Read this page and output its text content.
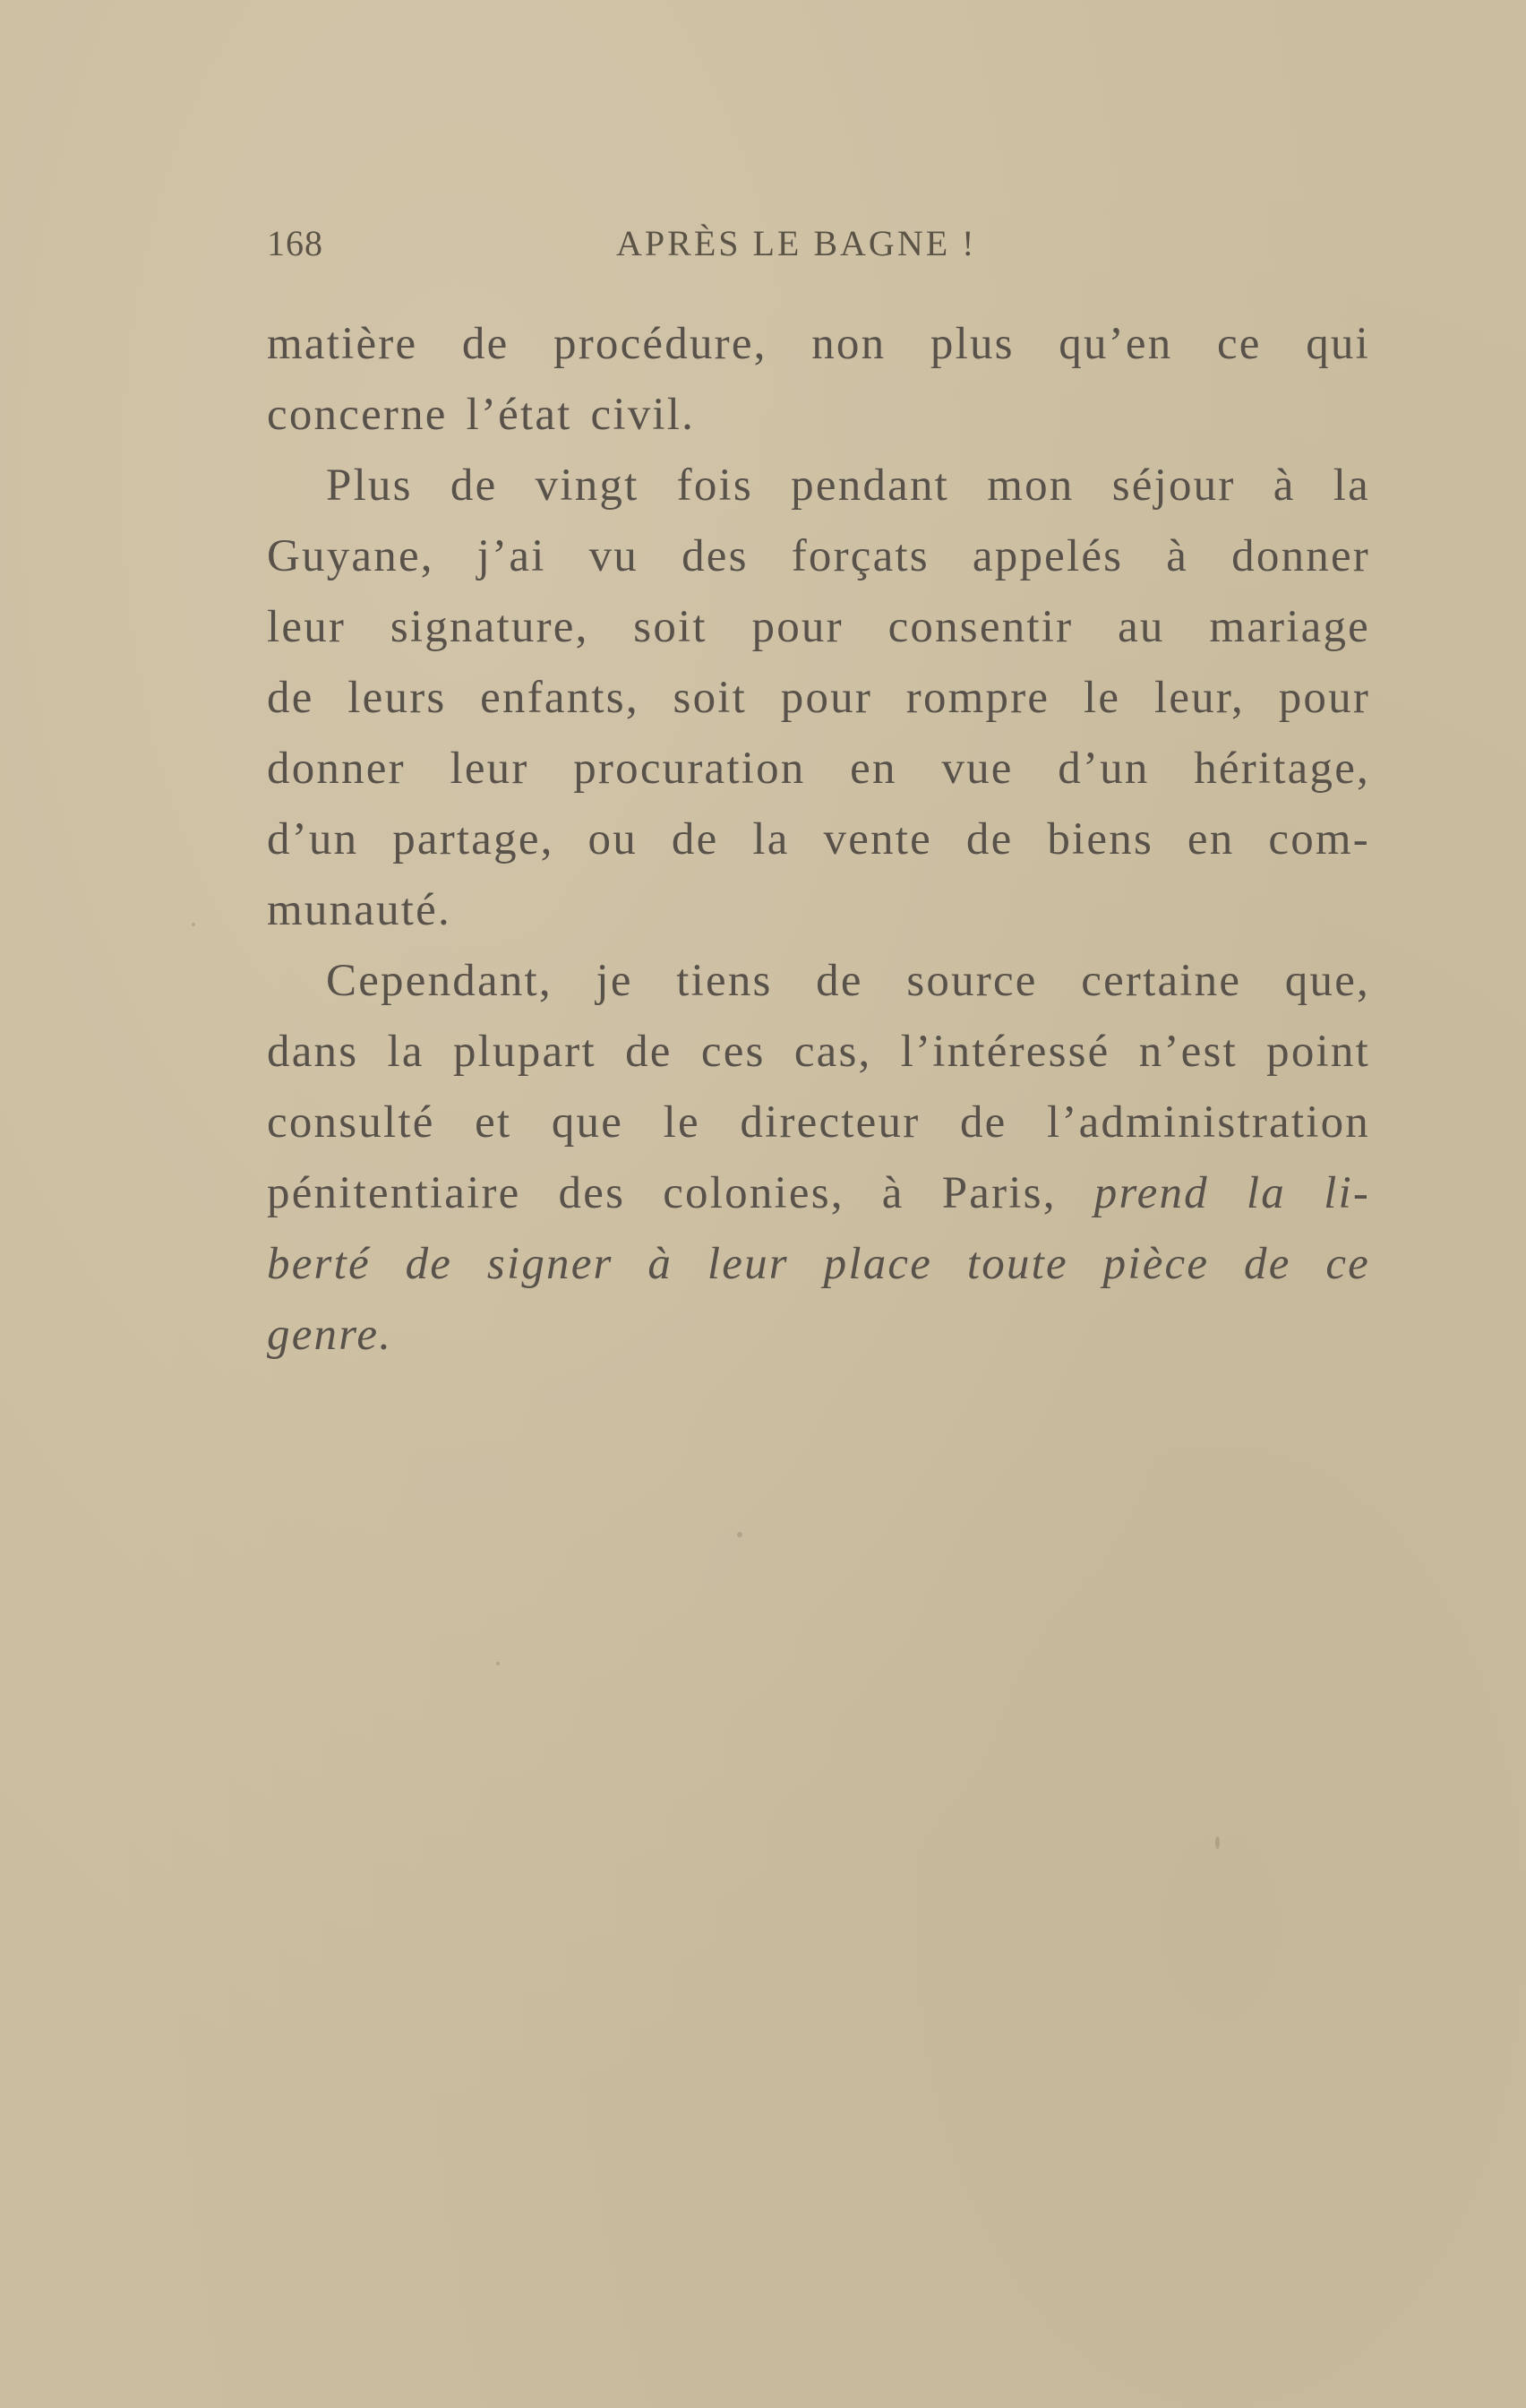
168	APRÈS LE BAGNE !
matière de procédure, non plus qu’en ce qui
concerne l’état civil.
Plus de vingt fois pendant mon séjour à la
Guyane, j’ai vu des forçats appelés à donner
leur signature, soit pour consentir au mariage
de leurs enfants, soit pour rompre le leur, pour
donner leur procuration en vue d’un héritage,
d’un partage, ou de la vente de biens en com-
munauté.
Cependant, je tiens de source certaine que,
dans la plupart de ces cas, l’intéressé n’est point
consulté et que le directeur de l’administration
pénitentiaire des colonies, à Paris, prend la li-
berté de signer à leur place toute pièce de ce
genre.
